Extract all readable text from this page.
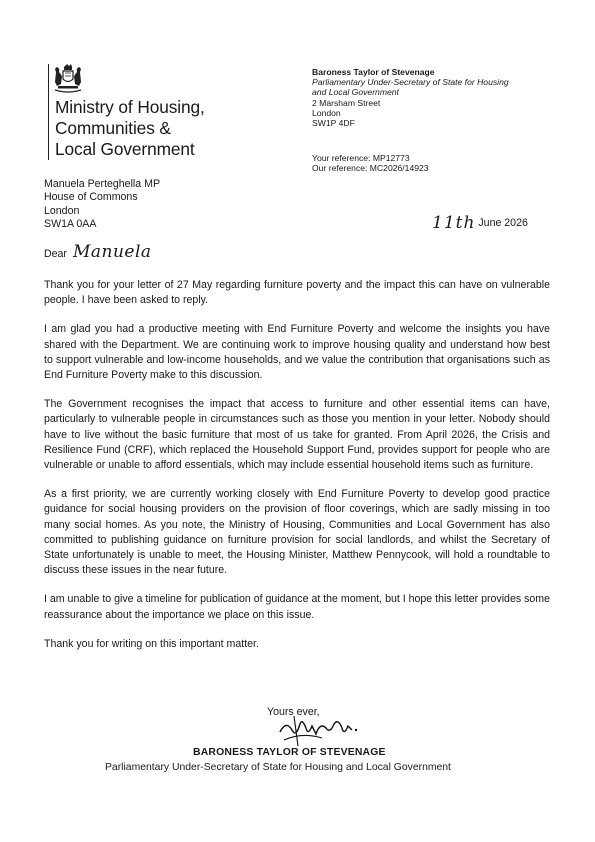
Ministry of Housing,
Communities &
Local Government
Baroness Taylor of Stevenage
Parliamentary Under-Secretary of State for Housing and Local Government
2 Marsham Street
London
SW1P 4DF
Your reference: MP12773
Our reference: MC2026/14923
Manuela Perteghella MP
House of Commons
London
SW1A 0AA	11th June 2026
Dear Manuela

Thank you for your letter of 27 May regarding furniture poverty and the impact this can have on vulnerable people. I have been asked to reply.

I am glad you had a productive meeting with End Furniture Poverty and welcome the insights you have shared with the Department. We are continuing work to improve housing quality and understand how best to support vulnerable and low-income households, and we value the contribution that organisations such as End Furniture Poverty make to this discussion.

The Government recognises the impact that access to furniture and other essential items can have, particularly to vulnerable people in circumstances such as those you mention in your letter. Nobody should have to live without the basic furniture that most of us take for granted. From April 2026, the Crisis and Resilience Fund (CRF), which replaced the Household Support Fund, provides support for people who are vulnerable or unable to afford essentials, which may include essential household items such as furniture.

As a first priority, we are currently working closely with End Furniture Poverty to develop good practice guidance for social housing providers on the provision of floor coverings, which are sadly missing in too many social homes. As you note, the Ministry of Housing, Communities and Local Government has also committed to publishing guidance on furniture provision for social landlords, and whilst the Secretary of State unfortunately is unable to meet, the Housing Minister, Matthew Pennycook, will hold a roundtable to discuss these issues in the near future.

I am unable to give a timeline for publication of guidance at the moment, but I hope this letter provides some reassurance about the importance we place on this issue.

Thank you for writing on this important matter.

Yours ever,
BARONESS TAYLOR OF STEVENAGE
Parliamentary Under-Secretary of State for Housing and Local Government
